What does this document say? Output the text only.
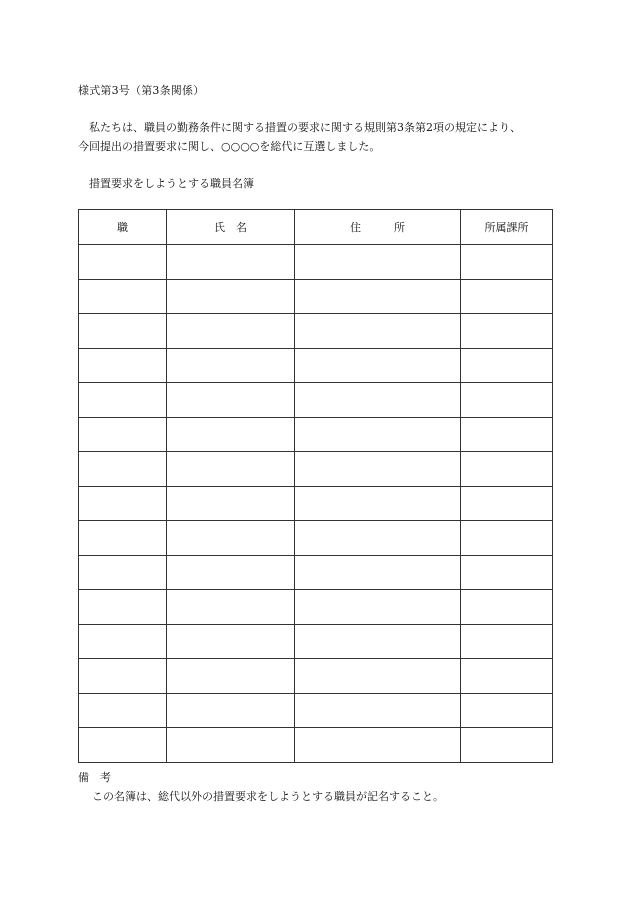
様式第3号（第3条関係）
私たちは、職員の勤務条件に関する措置の要求に関する規則第3条第2項の規定により、
今回提出の措置要求に関し、○○○○を総代に互選しました。
措置要求をしようとする職員名簿
職	氏　名	住　　　所	所属課所

備　考
この名簿は、総代以外の措置要求をしようとする職員が記名すること。
